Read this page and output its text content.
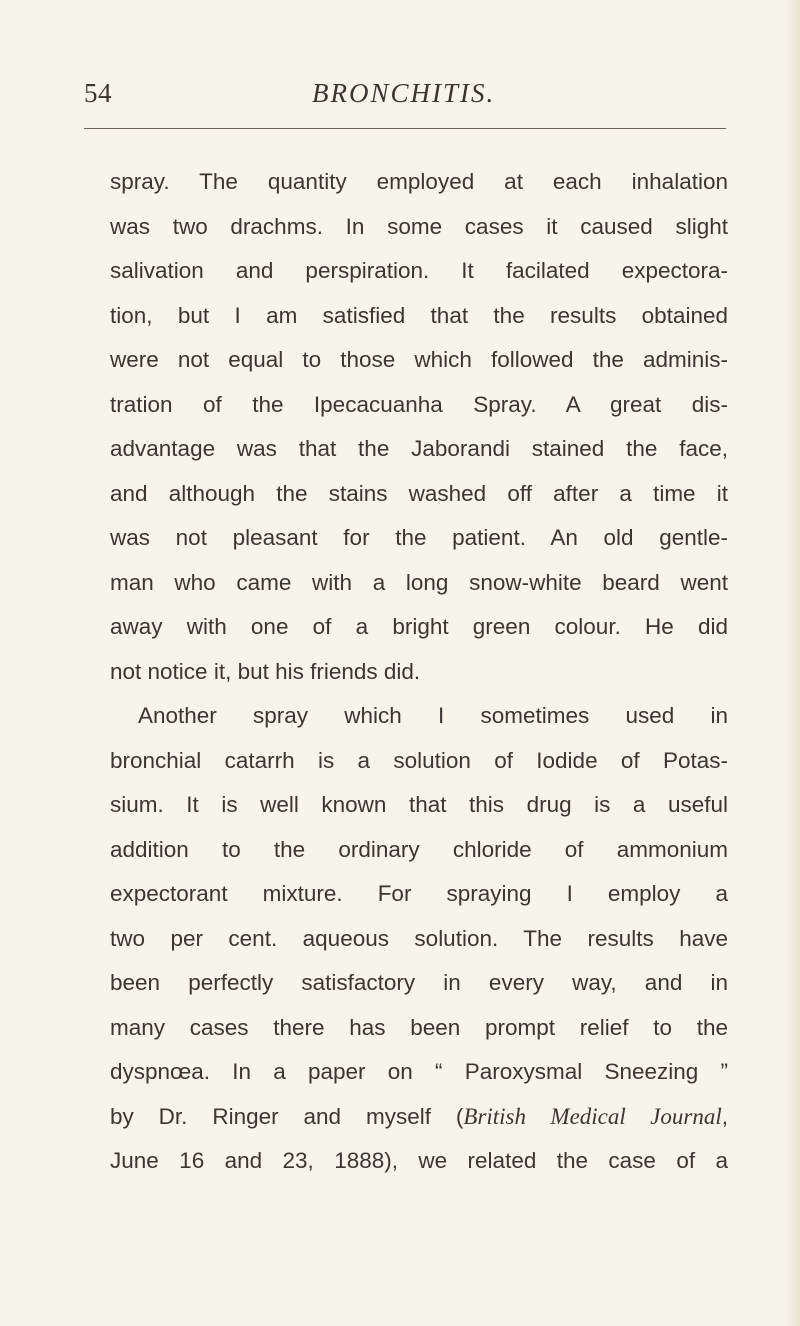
54	BRONCHITIS.
spray. The quantity employed at each inhalation
was two drachms. In some cases it caused slight
salivation and perspiration. It facilated expectora-
tion, but I am satisfied that the results obtained
were not equal to those which followed the adminis-
tration of the Ipecacuanha Spray. A great dis-
advantage was that the Jaborandi stained the face,
and although the stains washed off after a time it
was not pleasant for the patient. An old gentle-
man who came with a long snow-white beard went
away with one of a bright green colour. He did
not notice it, but his friends did.
Another spray which I sometimes used in
bronchial catarrh is a solution of Iodide of Potas-
sium. It is well known that this drug is a useful
addition to the ordinary chloride of ammonium
expectorant mixture. For spraying I employ a
two per cent. aqueous solution. The results have
been perfectly satisfactory in every way, and in
many cases there has been prompt relief to the
dyspnœa. In a paper on “ Paroxysmal Sneezing ”
by Dr. Ringer and myself (British Medical Journal,
June 16 and 23, 1888), we related the case of a
